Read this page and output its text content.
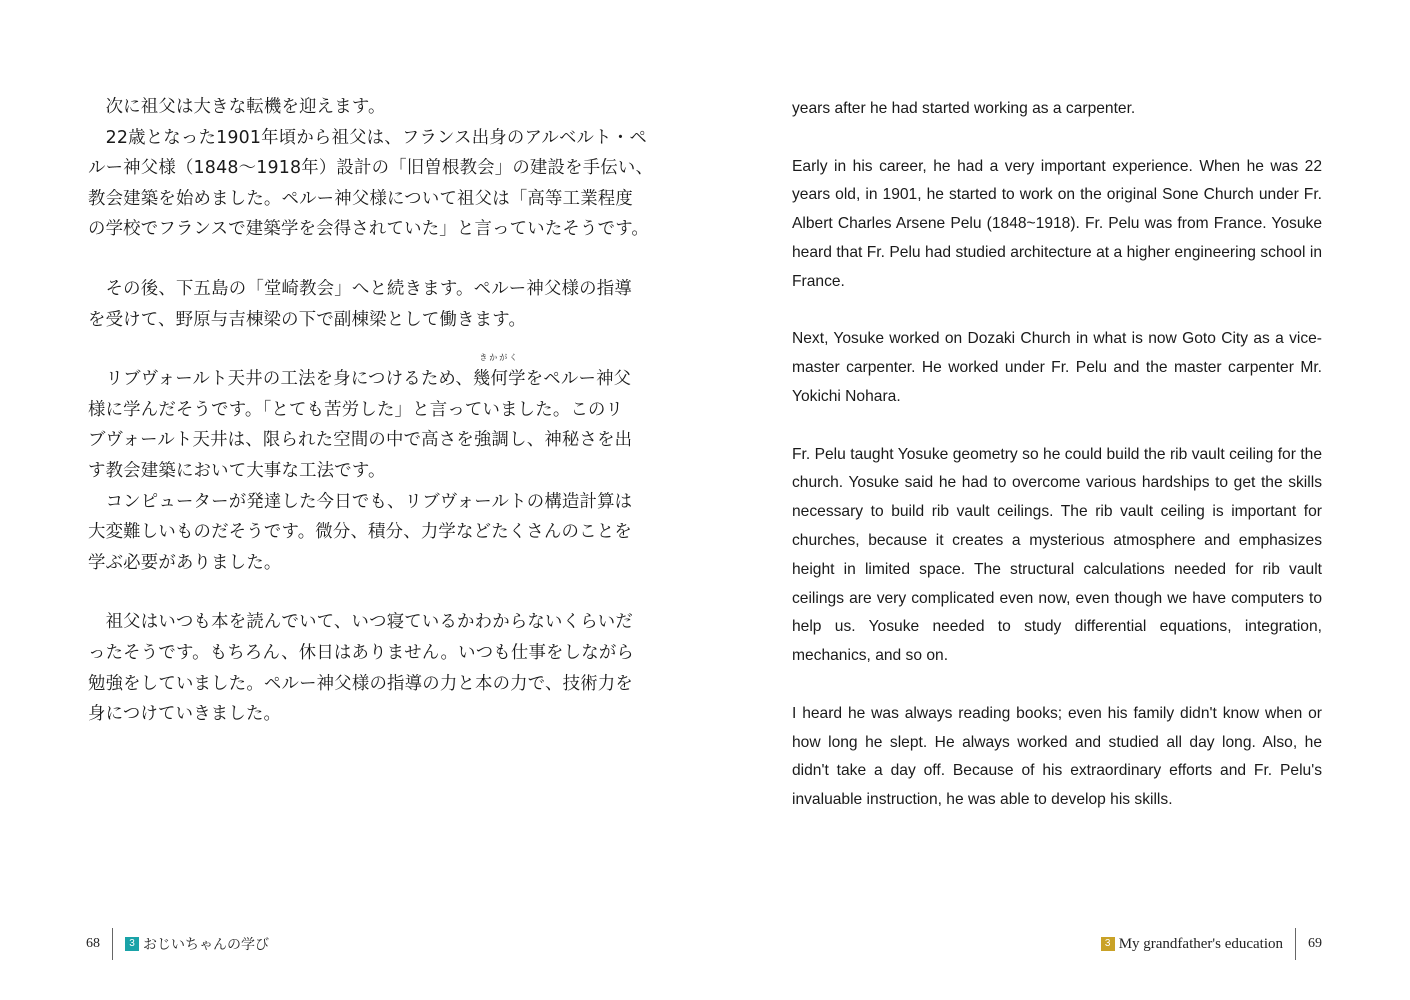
　次に祖父は大きな転機を迎えます。
　22歳となった1901年頃から祖父は、フランス出身のアルベルト・ペ
ルー神父様（1848～1918年）設計の「旧曽根教会」の建設を手伝い、
教会建築を始めました。ペルー神父様について祖父は「高等工業程度
の学校でフランスで建築学を会得されていた」と言っていたそうです。
　その後、下五島の「堂崎教会」へと続きます。ペルー神父様の指導
を受けて、野原与吉棟梁の下で副棟梁として働きます。
　リブヴォールト天井の工法を身につけるため、
きかがく
幾何学をペルー神父
様に学んだそうです。「とても苦労した」と言っていました。このリ
ブヴォールト天井は、限られた空間の中で高さを強調し、神秘さを出
す教会建築において大事な工法です。
　コンピューターが発達した今日でも、リブヴォールトの構造計算は
大変難しいものだそうです。微分、積分、力学などたくさんのことを
学ぶ必要がありました。
　祖父はいつも本を読んでいて、いつ寝ているかわからないくらいだ
ったそうです。もちろん、休日はありません。いつも仕事をしながら
勉強をしていました。ペルー神父様の指導の力と本の力で、技術力を
身につけていきました。

years after he had started working as a carpenter.

Early in his career, he had a very important experience. When he was 22 years old, in 1901, he started to work on the original Sone Church under Fr. Albert Charles Arsene Pelu (1848~1918). Fr. Pelu was from France. Yosuke heard that Fr. Pelu had studied architecture at a higher engineering school in France.

Next, Yosuke worked on Dozaki Church in what is now Goto City as a vice-master carpenter. He worked under Fr. Pelu and the master carpenter Mr. Yokichi Nohara.

Fr. Pelu taught Yosuke geometry so he could build the rib vault ceiling for the church. Yosuke said he had to overcome various hardships to get the skills necessary to build rib vault ceilings. The rib vault ceiling is important for churches, because it creates a mysterious atmosphere and emphasizes height in limited space. The structural calculations needed for rib vault ceilings are very complicated even now, even though we have computers to help us. Yosuke needed to study differential equations, integration, mechanics, and so on.

I heard he was always reading books; even his family didn't know when or how long he slept. He always worked and studied all day long. Also, he didn't take a day off. Because of his extraordinary efforts and Fr. Pelu's invaluable instruction, he was able to develop his skills.

68	3 おじいちゃんの学び	3 My grandfather's education 69
